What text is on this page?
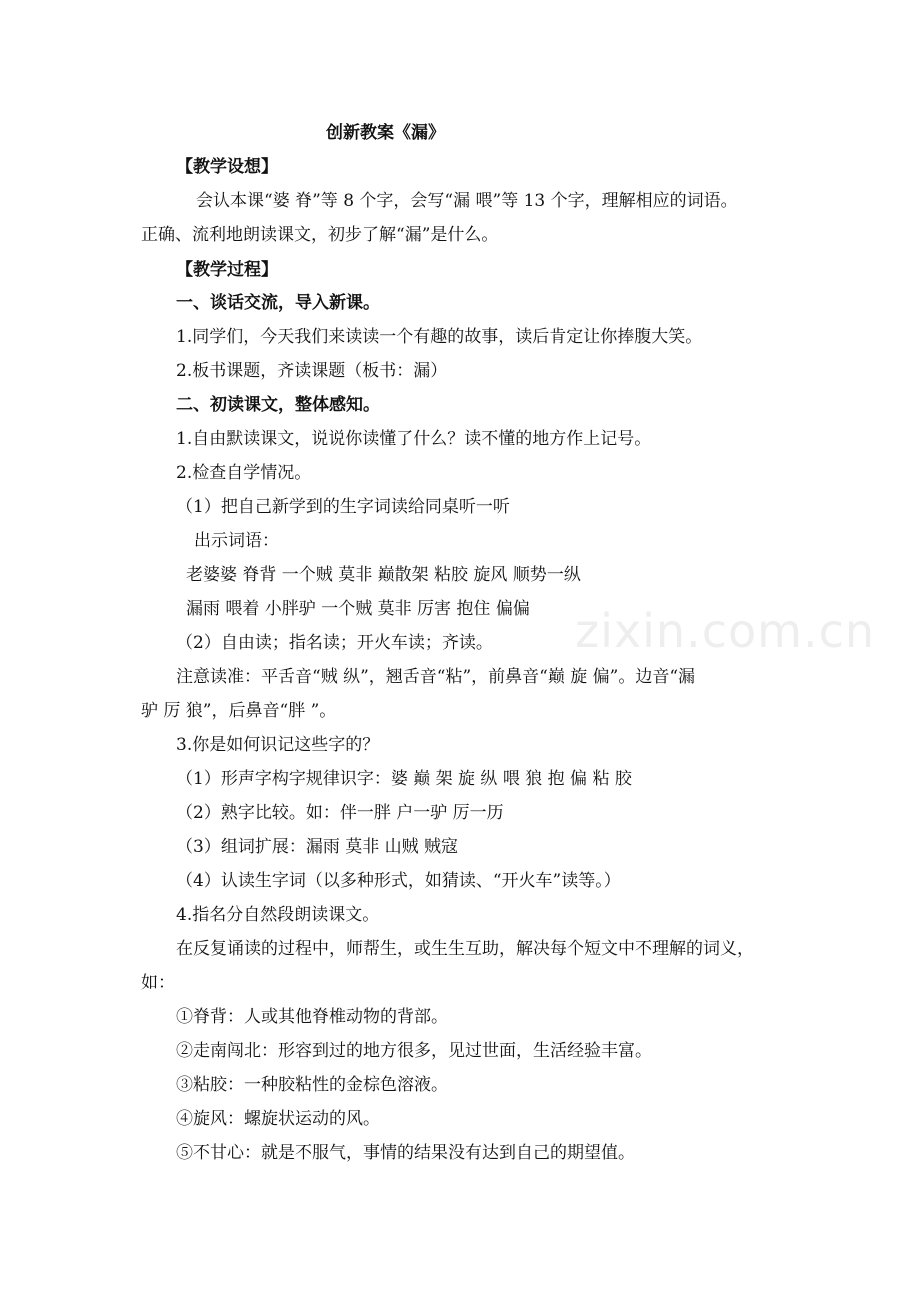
zixin.com.cn
创新教案《漏》
【教学设想】
会认本课“婆 脊”等 8 个字，会写“漏 喂”等 13 个字，理解相应的词语。
正确、流利地朗读课文，初步了解“漏”是什么。
【教学过程】
一、谈话交流，导入新课。
1.同学们，今天我们来读读一个有趣的故事，读后肯定让你捧腹大笑。
2.板书课题，齐读课题（板书：漏）
二、初读课文，整体感知。
1.自由默读课文，说说你读懂了什么？读不懂的地方作上记号。
2.检查自学情况。
（1）把自己新学到的生字词读给同桌听一听
出示词语：
老婆婆 脊背 一个贼 莫非 巅散架 粘胶 旋风 顺势一纵
漏雨 喂着 小胖驴 一个贼 莫非 厉害 抱住 偏偏
（2）自由读；指名读；开火车读；齐读。
注意读准：平舌音“贼 纵”，翘舌音“粘”，前鼻音“巅 旋 偏”。边音“漏
驴 厉 狼”，后鼻音“胖 ”。
3.你是如何识记这些字的？
（1）形声字构字规律识字：婆 巅 架 旋 纵 喂 狼 抱 偏 粘 胶
（2）熟字比较。如：伴一胖 户一驴 厉一历
（3）组词扩展：漏雨 莫非 山贼 贼寇
（4）认读生字词（以多种形式，如猜读、“开火车”读等。）
4.指名分自然段朗读课文。
在反复诵读的过程中，师帮生，或生生互助，解决每个短文中不理解的词义，
如：
①脊背：人或其他脊椎动物的背部。
②走南闯北：形容到过的地方很多，见过世面，生活经验丰富。
③粘胶：一种胶粘性的金棕色溶液。
④旋风：螺旋状运动的风。
⑤不甘心：就是不服气，事情的结果没有达到自己的期望值。
